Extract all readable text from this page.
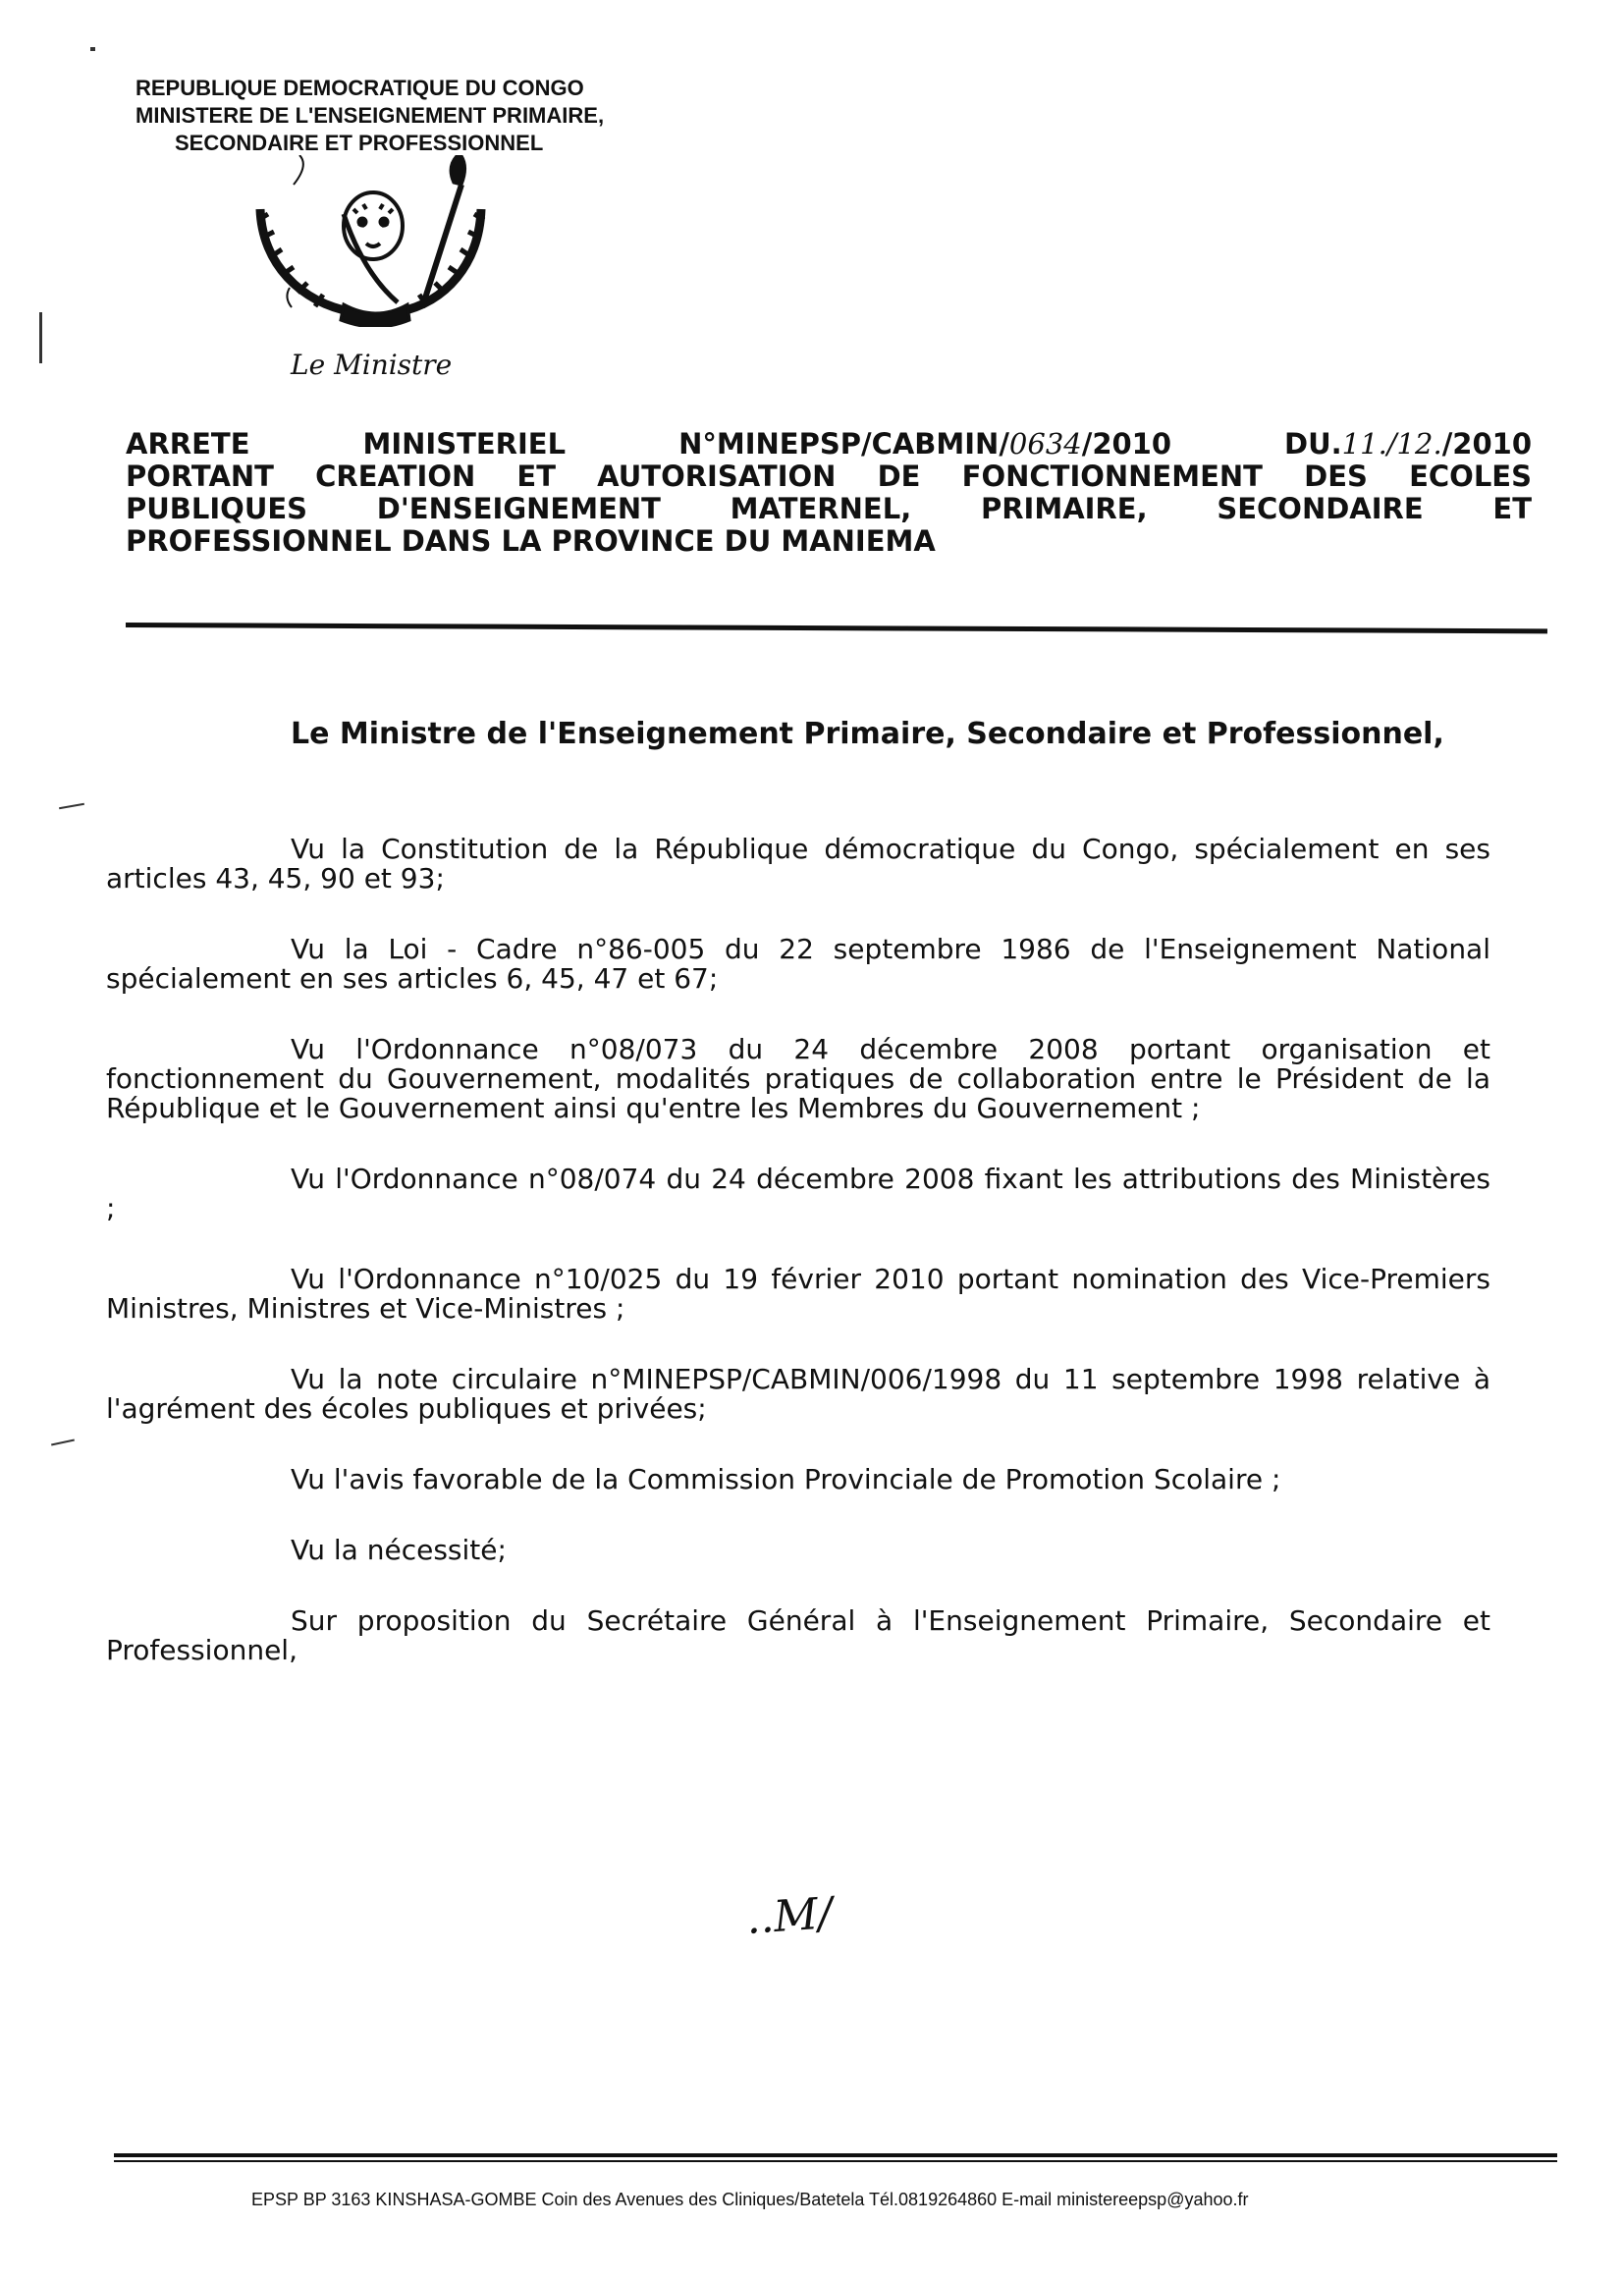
REPUBLIQUE DEMOCRATIQUE DU CONGO
MINISTERE DE L'ENSEIGNEMENT PRIMAIRE,
SECONDAIRE ET PROFESSIONNEL
Le Ministre
ARRETE	MINISTERIEL	N°MINEPSP/CABMIN/0634/2010	DU.11./12./2010
PORTANT CREATION ET AUTORISATION DE FONCTIONNEMENT DES ECOLES
PUBLIQUES D'ENSEIGNEMENT MATERNEL, PRIMAIRE, SECONDAIRE ET
PROFESSIONNEL DANS LA PROVINCE DU MANIEMA
Le Ministre de l'Enseignement Primaire, Secondaire et Professionnel,

Vu la Constitution de la République démocratique du Congo, spécialement en ses articles 43, 45, 90 et 93;

Vu la Loi - Cadre n°86-005 du 22 septembre 1986 de l'Enseignement National spécialement en ses articles 6, 45, 47 et 67;

Vu l'Ordonnance n°08/073 du 24 décembre 2008 portant organisation et fonctionnement du Gouvernement, modalités pratiques de collaboration entre le Président de la République et le Gouvernement ainsi qu'entre les Membres du Gouvernement ;

Vu l'Ordonnance n°08/074 du 24 décembre 2008 fixant les attributions des Ministères ;

Vu l'Ordonnance n°10/025 du 19 février 2010 portant nomination des Vice-Premiers Ministres, Ministres et Vice-Ministres ;

Vu la note circulaire n°MINEPSP/CABMIN/006/1998 du 11 septembre 1998 relative à l'agrément des écoles publiques et privées;

Vu l'avis favorable de la Commission Provinciale de Promotion Scolaire ;

Vu la nécessité;

Sur proposition du Secrétaire Général à l'Enseignement Primaire, Secondaire et Professionnel,

..M/
EPSP BP 3163 KINSHASA-GOMBE Coin des Avenues des Cliniques/Batetela Tél.0819264860 E-mail ministereepsp@yahoo.fr
